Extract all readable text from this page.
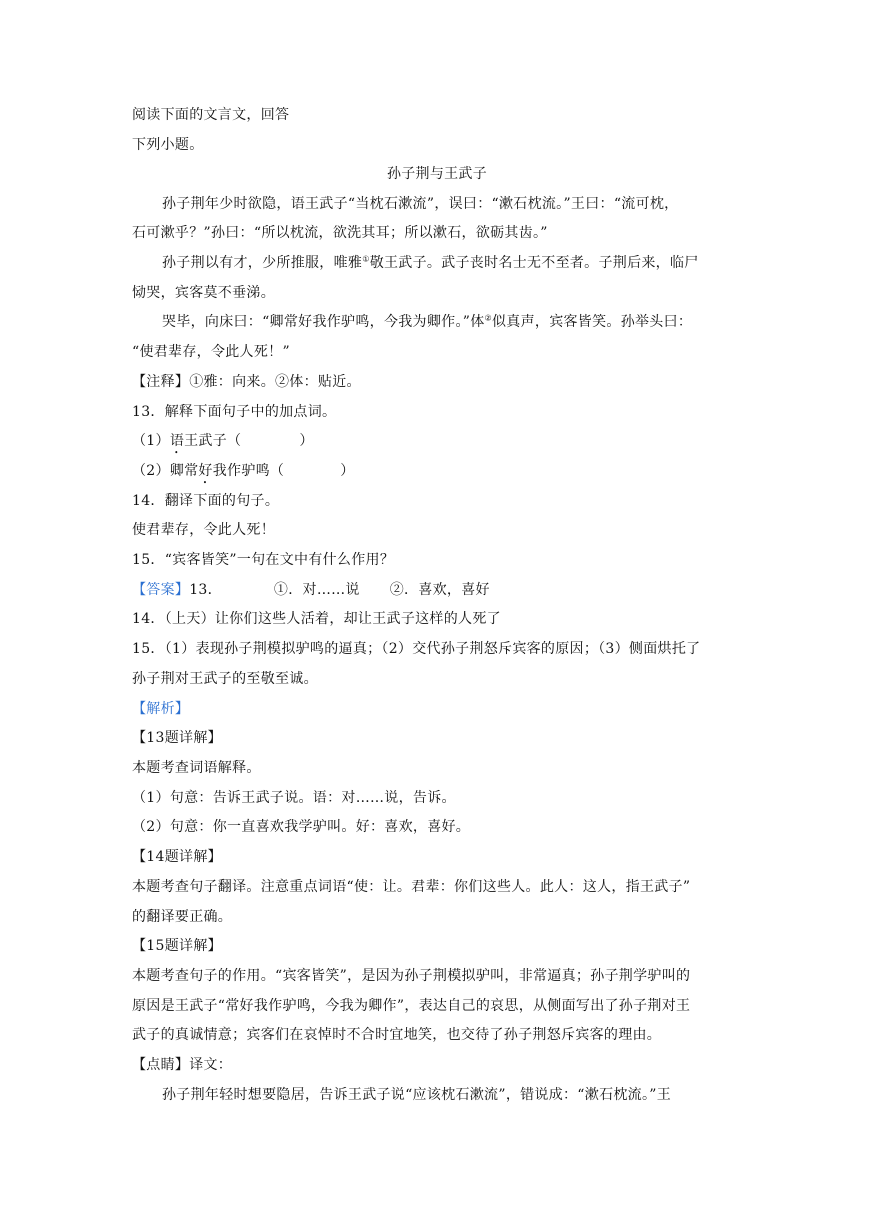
阅读下面的文言文，回答
下列小题。
孙子荆与王武子
孙子荆年少时欲隐，语王武子“当枕石漱流”，误曰：“漱石枕流。”王曰：“流可枕，
石可漱乎？”孙曰：“所以枕流，欲洗其耳；所以漱石，欲砺其齿。”
孙子荆以有才，少所推服，唯雅①敬王武子。武子丧时名士无不至者。子荆后来，临尸
恸哭，宾客莫不垂涕。
哭毕，向床曰：“卿常好我作驴鸣，今我为卿作。”体②似真声，宾客皆笑。孙举头曰：
“使君辈存，令此人死！”
【注释】①雅：向来。②体：贴近。
13．解释下面句子中的加点词。
（1）语王武子（	）
（2）卿常好我作驴鸣（	）
14．翻译下面的句子。
使君辈存，令此人死！
15．“宾客皆笑”一句在文中有什么作用？
【答案】13．	①．对……说 ②．喜欢，喜好
14．（上天）让你们这些人活着，却让王武子这样的人死了
15．（1）表现孙子荆模拟驴鸣的逼真；（2）交代孙子荆怒斥宾客的原因；（3）侧面烘托了
孙子荆对王武子的至敬至诚。
【解析】
【13题详解】
本题考查词语解释。
（1）句意：告诉王武子说。语：对……说，告诉。
（2）句意：你一直喜欢我学驴叫。好：喜欢，喜好。
【14题详解】
本题考查句子翻译。注意重点词语“使：让。君辈：你们这些人。此人：这人，指王武子”
的翻译要正确。
【15题详解】
本题考查句子的作用。“宾客皆笑”，是因为孙子荆模拟驴叫，非常逼真；孙子荆学驴叫的
原因是王武子“常好我作驴鸣，今我为卿作”，表达自己的哀思，从侧面写出了孙子荆对王
武子的真诚情意；宾客们在哀悼时不合时宜地笑，也交待了孙子荆怒斥宾客的理由。
【点睛】译文：
孙子荆年轻时想要隐居，告诉王武子说“应该枕石漱流”，错说成：“漱石枕流。”王
